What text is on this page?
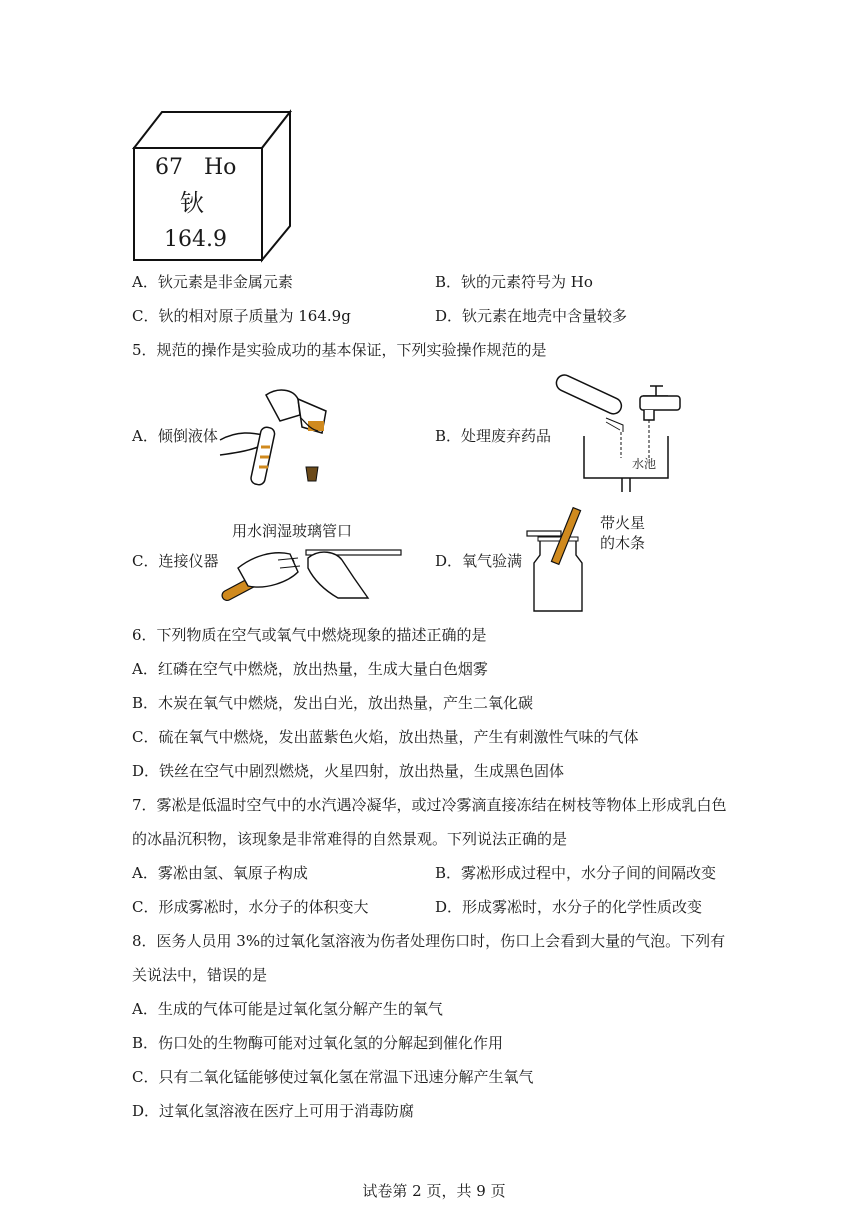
67   Ho
钬
164.9
A．钬元素是非金属元素	B．钬的元素符号为 Ho
C．钬的相对原子质量为 164.9g	D．钬元素在地壳中含量较多
5．规范的操作是实验成功的基本保证，下列实验操作规范的是
A．倾倒液体
水池
B．处理废弃药品
用水润湿玻璃管口
C．连接仪器
带火星
的木条
D．氧气验满
6．下列物质在空气或氧气中燃烧现象的描述正确的是
A．红磷在空气中燃烧，放出热量，生成大量白色烟雾
B．木炭在氧气中燃烧，发出白光，放出热量，产生二氧化碳
C．硫在氧气中燃烧，发出蓝紫色火焰，放出热量，产生有刺激性气味的气体
D．铁丝在空气中剧烈燃烧，火星四射，放出热量，生成黑色固体
7．雾凇是低温时空气中的水汽遇冷凝华，或过冷雾滴直接冻结在树枝等物体上形成乳白色
的冰晶沉积物，该现象是非常难得的自然景观。下列说法正确的是
A．雾凇由氢、氧原子构成	B．雾凇形成过程中，水分子间的间隔改变
C．形成雾凇时，水分子的体积变大	D．形成雾凇时，水分子的化学性质改变
8．医务人员用 3%的过氧化氢溶液为伤者处理伤口时，伤口上会看到大量的气泡。下列有
关说法中，错误的是
A．生成的气体可能是过氧化氢分解产生的氧气
B．伤口处的生物酶可能对过氧化氢的分解起到催化作用
C．只有二氧化锰能够使过氧化氢在常温下迅速分解产生氧气
D．过氧化氢溶液在医疗上可用于消毒防腐
试卷第 2 页，共 9 页
